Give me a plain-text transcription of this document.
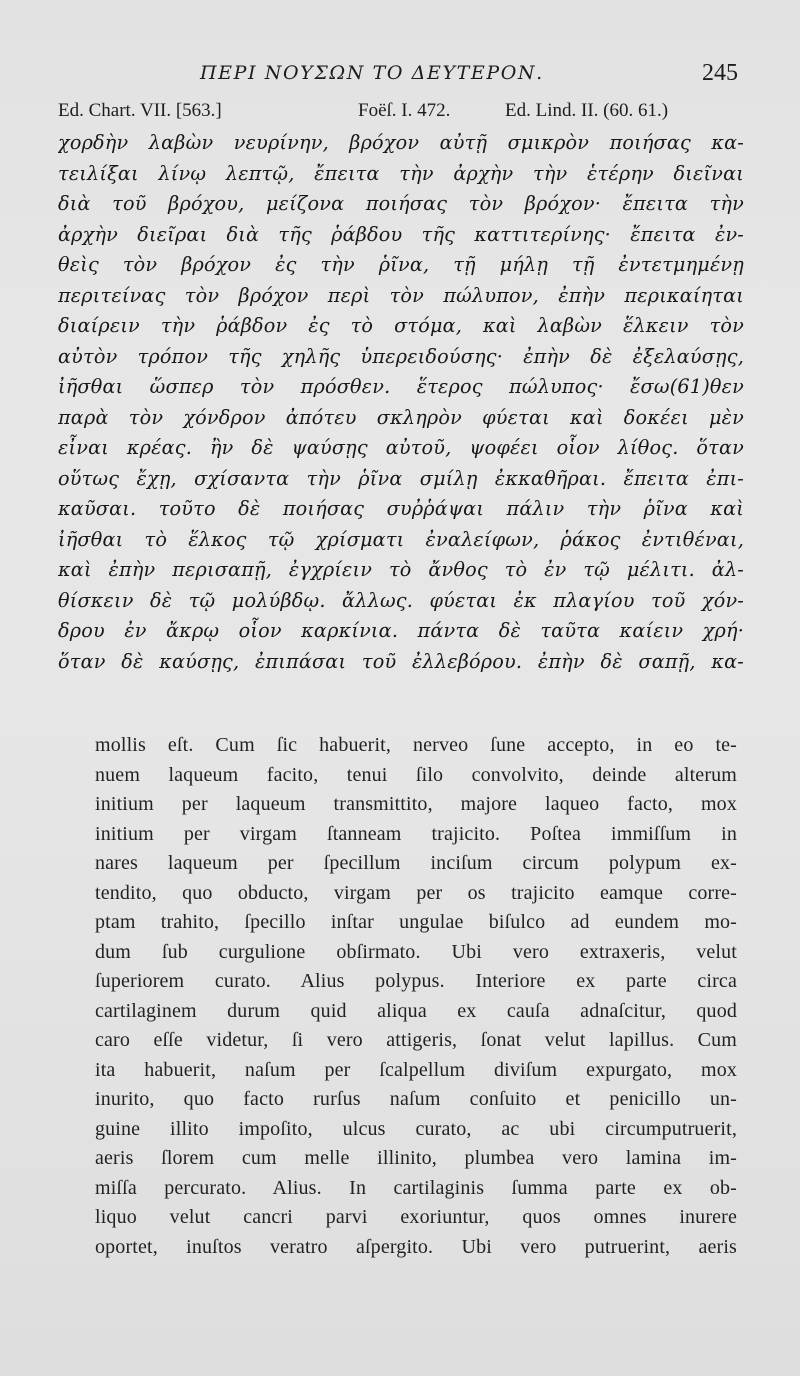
ΠΕΡΙ ΝΟΥΣΩΝ ΤΟ ΔΕΥΤΕΡΟΝ.	245
Ed. Chart. VII. [563.]	Foëſ. I. 472.	Ed. Lind. II. (60. 61.)
χορδὴν λαβὼν νευρίνην, βρόχον αὐτῇ σμικρὸν ποιήσας κα-
τειλίξαι λίνῳ λεπτῷ, ἔπειτα τὴν ἀρχὴν τὴν ἑτέρην διεῖναι
διὰ τοῦ βρόχου, μείζονα ποιήσας τὸν βρόχον· ἔπειτα τὴν
ἀρχὴν διεῖραι διὰ τῆς ῥάβδου τῆς καττιτερίνης· ἔπειτα ἐν-
θεὶς τὸν βρόχον ἐς τὴν ῥῖνα, τῇ μήλῃ τῇ ἐντετμημένῃ
περιτείνας τὸν βρόχον περὶ τὸν πώλυπον, ἐπὴν περικαίηται
διαίρειν τὴν ῥάβδον ἐς τὸ στόμα, καὶ λαβὼν ἕλκειν τὸν
αὐτὸν τρόπον τῆς χηλῆς ὑπερειδούσης· ἐπὴν δὲ ἐξελαύσῃς,
ἰῆσθαι ὥσπερ τὸν πρόσθεν. ἕτερος πώλυπος· ἔσω(61)θεν
παρὰ τὸν χόνδρον ἀπότευ σκληρὸν φύεται καὶ δοκέει μὲν
εἶναι κρέας. ἢν δὲ ψαύσῃς αὐτοῦ, ψοφέει οἷον λίθος. ὅταν
οὕτως ἔχῃ, σχίσαντα τὴν ῥῖνα σμίλῃ ἐκκαθῆραι. ἔπειτα ἐπι-
καῦσαι. τοῦτο δὲ ποιήσας συῤῥάψαι πάλιν τὴν ῥῖνα καὶ
ἰῆσθαι τὸ ἕλκος τῷ χρίσματι ἐναλείφων, ῥάκος ἐντιθέναι,
καὶ ἐπὴν περισαπῇ, ἐγχρίειν τὸ ἄνθος τὸ ἐν τῷ μέλιτι. ἀλ-
θίσκειν δὲ τῷ μολύβδῳ. ἄλλως. φύεται ἐκ πλαγίου τοῦ χόν-
δρου ἐν ἄκρῳ οἷον καρκίνια. πάντα δὲ ταῦτα καίειν χρή·
ὅταν δὲ καύσῃς, ἐπιπάσαι τοῦ ἐλλεβόρου. ἐπὴν δὲ σαπῇ, κα-
mollis eſt. Cum ſic habuerit, nerveo ſune accepto, in eo te-
nuem laqueum facito, tenui ſilo convolvito, deinde alterum
initium per laqueum transmittito, majore laqueo facto, mox
initium per virgam ſtanneam trajicito. Poſtea immiſſum in
nares laqueum per ſpecillum inciſum circum polypum ex-
tendito, quo obducto, virgam per os trajicito eamque corre-
ptam trahito, ſpecillo inſtar ungulae biſulco ad eundem mo-
dum ſub curgulione obſirmato. Ubi vero extraxeris, velut
ſuperiorem curato. Alius polypus. Interiore ex parte circa
cartilaginem durum quid aliqua ex cauſa adnaſcitur, quod
caro eſſe videtur, ſi vero attigeris, ſonat velut lapillus. Cum
ita habuerit, naſum per ſcalpellum diviſum expurgato, mox
inurito, quo facto rurſus naſum conſuito et penicillo un-
guine illito impoſito, ulcus curato, ac ubi circumputruerit,
aeris ſlorem cum melle illinito, plumbea vero lamina im-
miſſa percurato. Alius. In cartilaginis ſumma parte ex ob-
liquo velut cancri parvi exoriuntur, quos omnes inurere
oportet, inuſtos veratro aſpergito. Ubi vero putruerint, aeris
